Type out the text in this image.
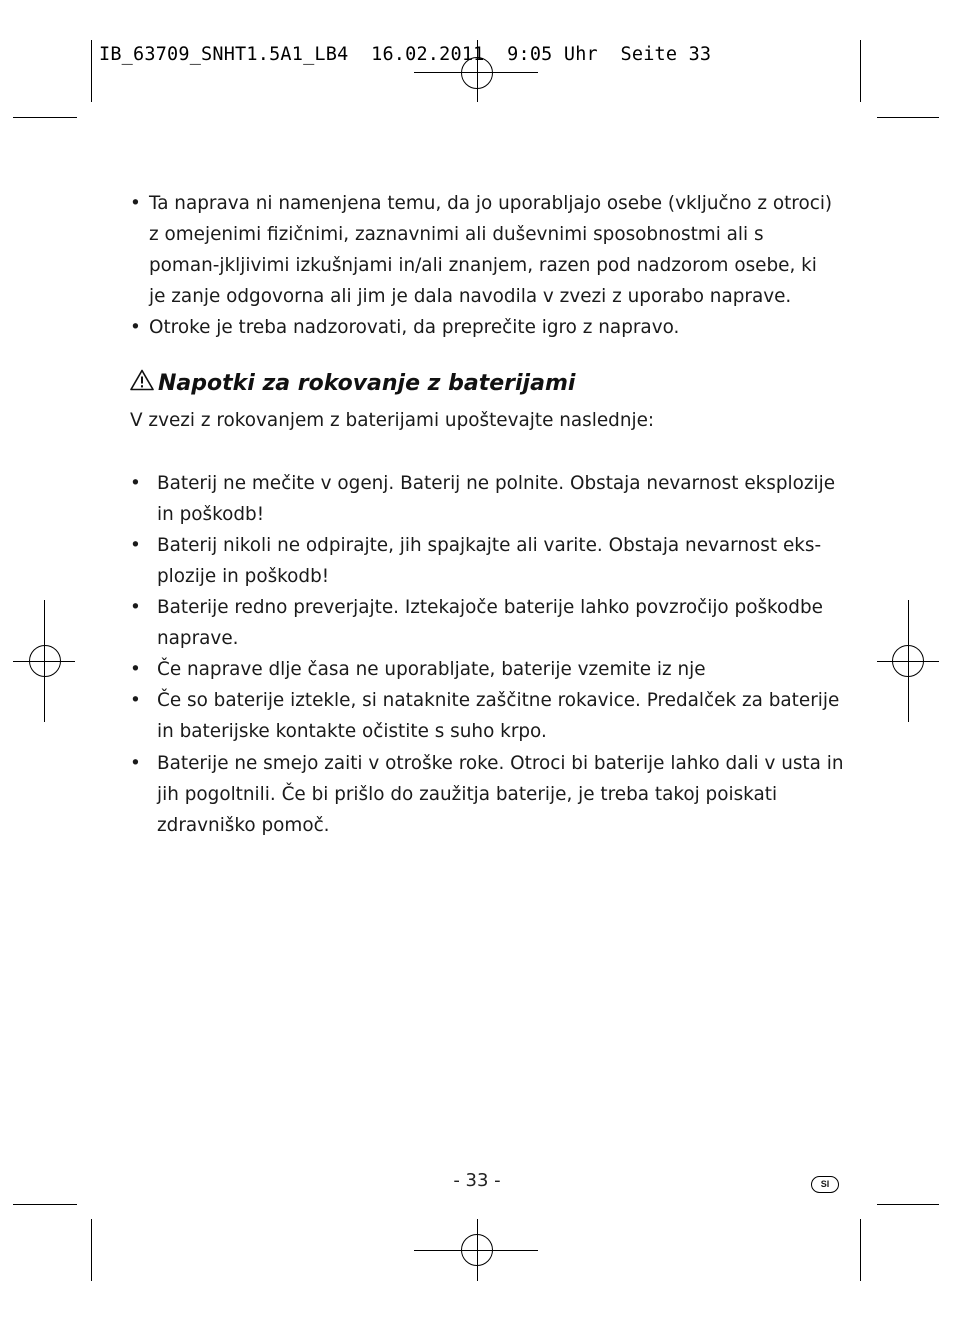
IB_63709_SNHT1.5A1_LB4  16.02.2011  9:05 Uhr  Seite 33
• Ta naprava ni namenjena temu, da jo uporabljajo osebe (vključno z otroci) z omejenimi fizičnimi, zaznavnimi ali duševnimi sposobnostmi ali s poman-jkljivimi izkušnjami in/ali znanjem, razen pod nadzorom osebe, ki je zanje odgovorna ali jim je dala navodila v zvezi z uporabo naprave.
• Otroke je treba nadzorovati, da preprečite igro z napravo.
Napotki za rokovanje z baterijami
V zvezi z rokovanjem z baterijami upoštevajte naslednje:
• Baterij ne mečite v ogenj. Baterij ne polnite. Obstaja nevarnost eksplozije in poškodb!
• Baterij nikoli ne odpirajte, jih spajkajte ali varite. Obstaja nevarnost eks-plozije in poškodb!
• Baterije redno preverjajte. Iztekajoče baterije lahko povzročijo poškodbe naprave.
• Če naprave dlje časa ne uporabljate, baterije vzemite iz nje
• Če so baterije iztekle, si nataknite zaščitne rokavice. Predalček za baterije in baterijske kontakte očistite s suho krpo.
• Baterije ne smejo zaiti v otroške roke. Otroci bi baterije lahko dali v usta in jih pogoltnili. Če bi prišlo do zaužitja baterije, je treba takoj poiskati zdravniško pomoč.
- 33 -	SI
